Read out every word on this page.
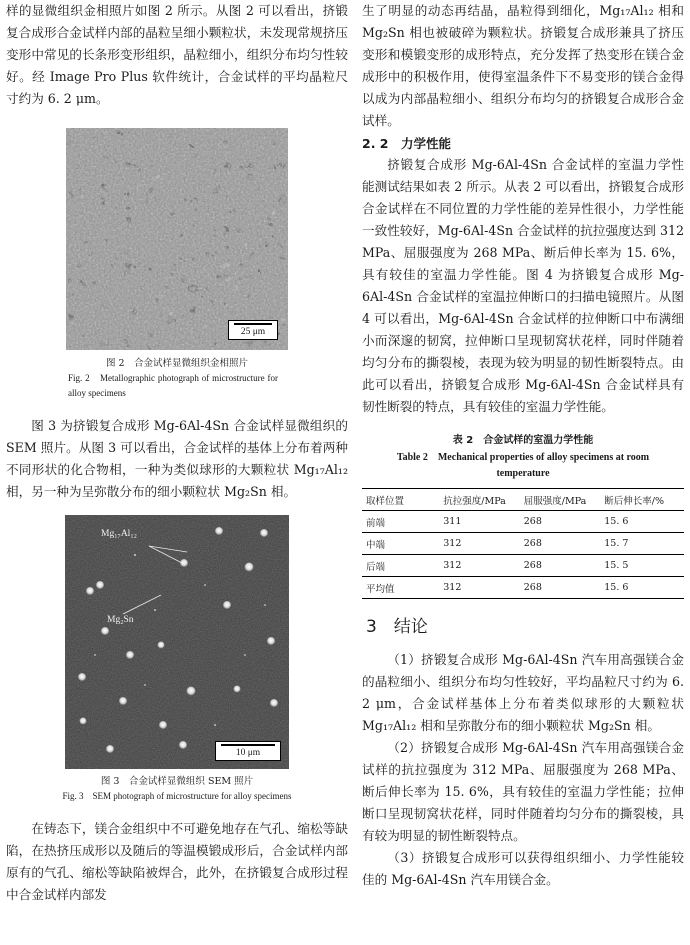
样的显微组织金相照片如图 2 所示。从图 2 可以看出，挤锻复合成形合金试样内部的晶粒呈细小颗粒状，未发现常规挤压变形中常见的长条形变形组织，晶粒细小，组织分布均匀性较好。经 Image Pro Plus 软件统计，合金试样的平均晶粒尺寸约为 6. 2 μm。

25 μm

图 2　合金试样显微组织金相照片

Fig. 2　Metallographic photograph of microstructure for alloy specimens

图 3 为挤锻复合成形 Mg-6Al-4Sn 合金试样显微组织的 SEM 照片。从图 3 可以看出，合金试样的基体上分布着两种不同形状的化合物相，一种为类似球形的大颗粒状 Mg₁₇Al₁₂ 相，另一种为呈弥散分布的细小颗粒状 Mg₂Sn 相。

Mg₁₇Al₁₂
Mg₂Sn
10 μm

图 3　合金试样显微组织 SEM 照片

Fig. 3　SEM photograph of microstructure for alloy specimens

在铸态下，镁合金组织中不可避免地存在气孔、缩松等缺陷，在热挤压成形以及随后的等温模锻成形后，合金试样内部原有的气孔、缩松等缺陷被焊合，此外，在挤锻复合成形过程中合金试样内部发

生了明显的动态再结晶，晶粒得到细化，Mg₁₇Al₁₂ 相和 Mg₂Sn 相也被破碎为颗粒状。挤锻复合成形兼具了挤压变形和模锻变形的成形特点，充分发挥了热变形在镁合金成形中的积极作用，使得室温条件下不易变形的镁合金得以成为内部晶粒细小、组织分布均匀的挤锻复合成形合金试样。

2. 2　力学性能

挤锻复合成形 Mg-6Al-4Sn 合金试样的室温力学性能测试结果如表 2 所示。从表 2 可以看出，挤锻复合成形合金试样在不同位置的力学性能的差异性很小，力学性能一致性较好，Mg-6Al-4Sn 合金试样的抗拉强度达到 312 MPa、屈服强度为 268 MPa、断后伸长率为 15. 6%，具有较佳的室温力学性能。图 4 为挤锻复合成形 Mg-6Al-4Sn 合金试样的室温拉伸断口的扫描电镜照片。从图 4 可以看出，Mg-6Al-4Sn 合金试样的拉伸断口中布满细小而深邃的韧窝，拉伸断口呈现韧窝状花样，同时伴随着均匀分布的撕裂棱，表现为较为明显的韧性断裂特点。由此可以看出，挤锻复合成形 Mg-6Al-4Sn 合金试样具有韧性断裂的特点，具有较佳的室温力学性能。

表 2　合金试样的室温力学性能

Table 2　Mechanical properties of alloy specimens at room temperature

取样位置	抗拉强度/MPa	屈服强度/MPa	断后伸长率/%
前端	311	268	15. 6
中端	312	268	15. 7
后端	312	268	15. 5
平均值	312	268	15. 6

3　结论

（1）挤锻复合成形 Mg-6Al-4Sn 汽车用高强镁合金的晶粒细小、组织分布均匀性较好，平均晶粒尺寸约为 6. 2 μm，合金试样基体上分布着类似球形的大颗粒状 Mg₁₇Al₁₂ 相和呈弥散分布的细小颗粒状 Mg₂Sn 相。

（2）挤锻复合成形 Mg-6Al-4Sn 汽车用高强镁合金试样的抗拉强度为 312 MPa、屈服强度为 268 MPa、断后伸长率为 15. 6%，具有较佳的室温力学性能；拉伸断口呈现韧窝状花样，同时伴随着均匀分布的撕裂棱，具有较为明显的韧性断裂特点。

（3）挤锻复合成形可以获得组织细小、力学性能较佳的 Mg-6Al-4Sn 汽车用镁合金。
